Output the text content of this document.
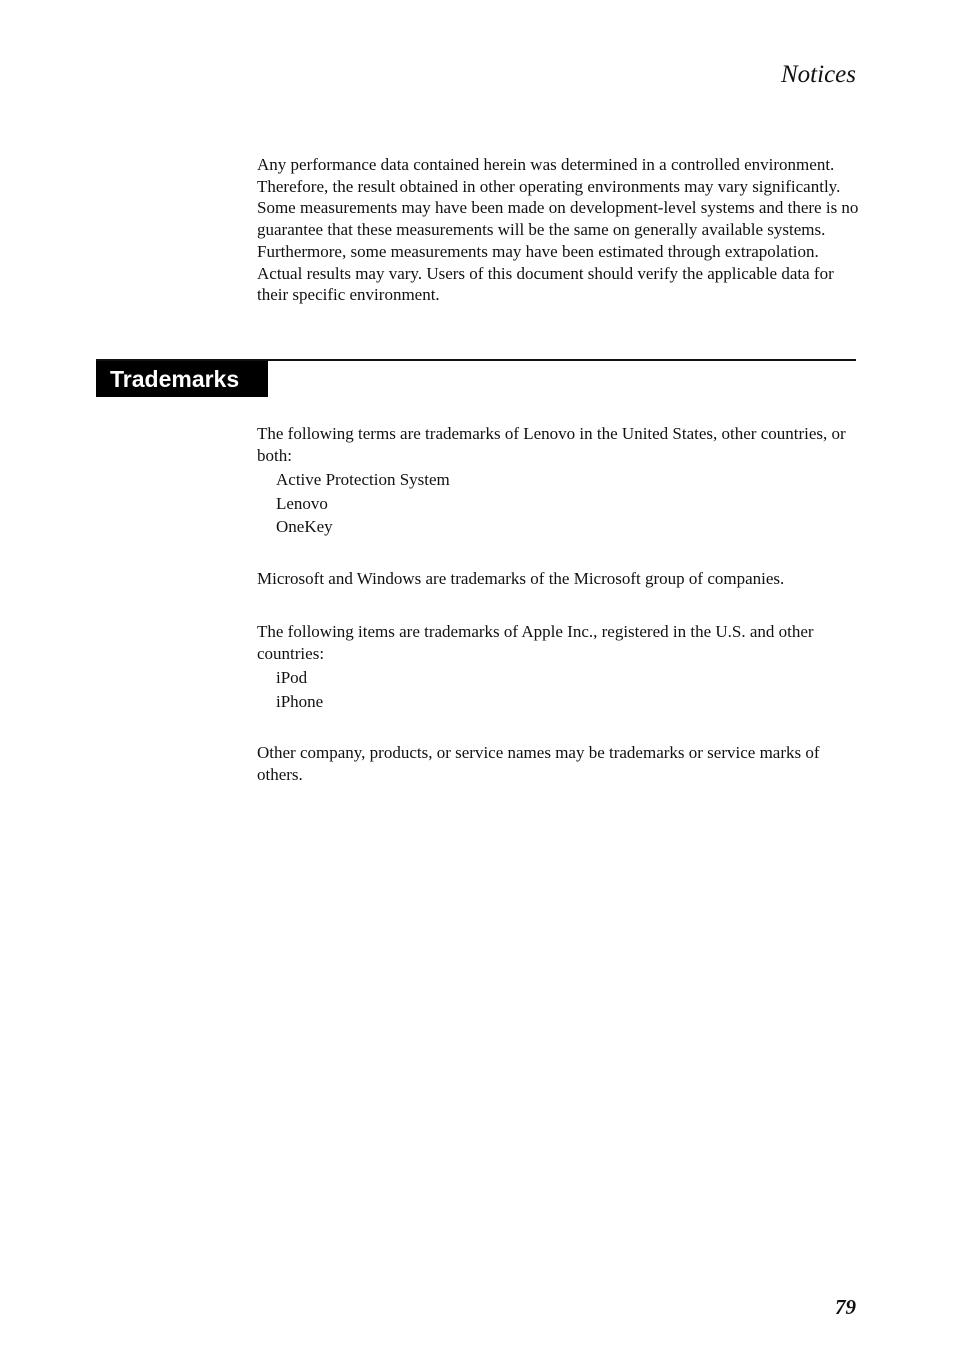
Notices

Any performance data contained herein was determined in a controlled environment. Therefore, the result obtained in other operating environments may vary significantly. Some measurements may have been made on development-level systems and there is no guarantee that these measurements will be the same on generally available systems. Furthermore, some measurements may have been estimated through extrapolation. Actual results may vary. Users of this document should verify the applicable data for their specific environment.

Trademarks

The following terms are trademarks of Lenovo in the United States, other countries, or both:

Active Protection System
Lenovo
OneKey

Microsoft and Windows are trademarks of the Microsoft group of companies.

The following items are trademarks of Apple Inc., registered in the U.S. and other countries:

iPod
iPhone

Other company, products, or service names may be trademarks or service marks of others.

79
